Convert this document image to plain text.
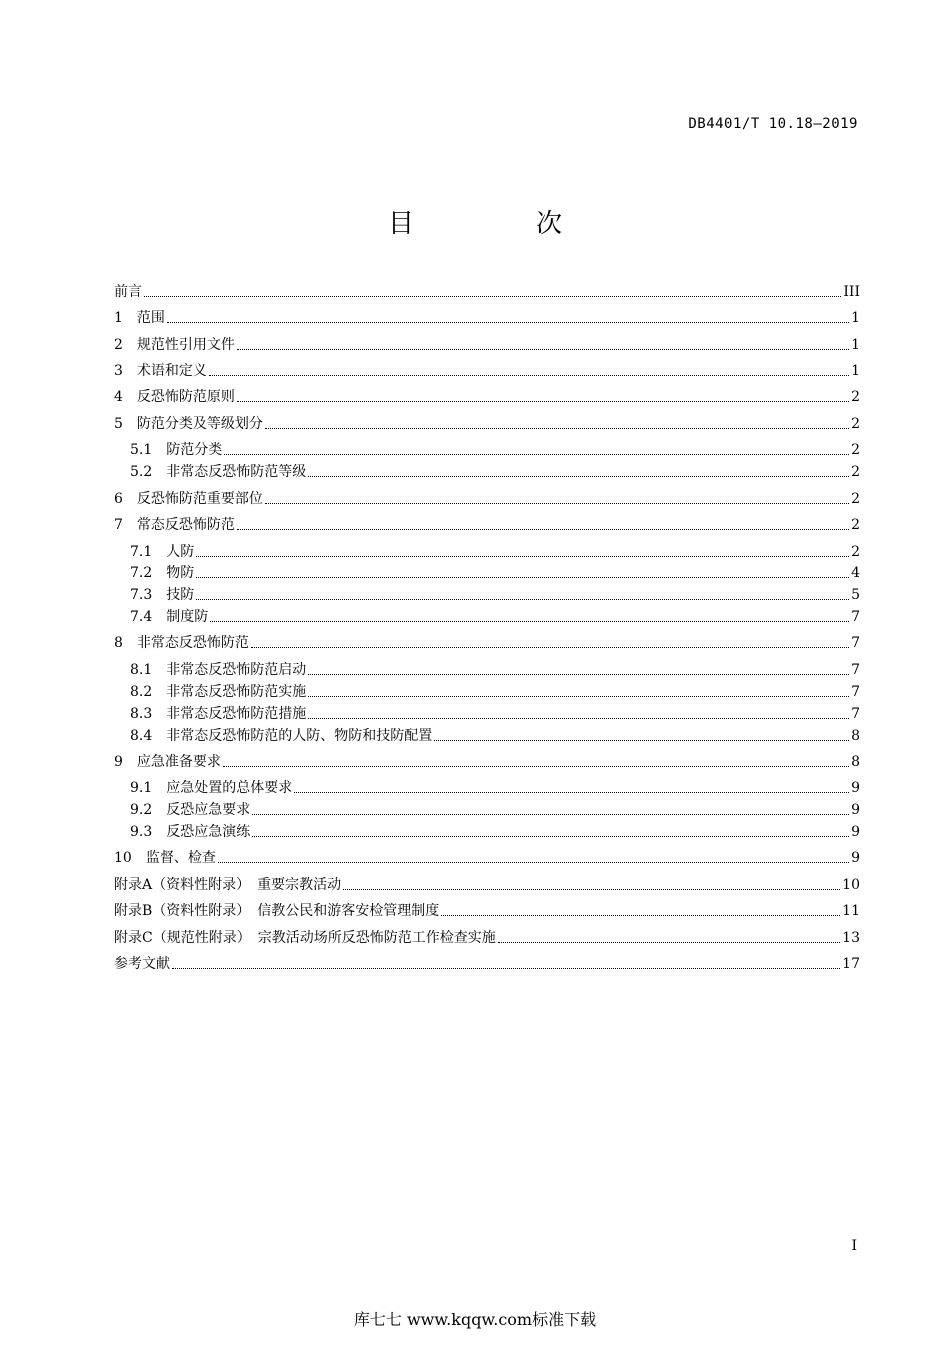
DB4401/T 10.18—2019
目　次
前言	III
1　 范围	1
2　 规范性引用文件	1
3　 术语和定义	1
4　 反恐怖防范原则	2
5　 防范分类及等级划分	2
5.1　 防范分类	2
5.2　 非常态反恐怖防范等级	2
6　 反恐怖防范重要部位	2
7　 常态反恐怖防范	2
7.1　 人防	2
7.2　 物防	4
7.3　 技防	5
7.4　 制度防	7
8　 非常态反恐怖防范	7
8.1　 非常态反恐怖防范启动	7
8.2　 非常态反恐怖防范实施	7
8.3　 非常态反恐怖防范措施	7
8.4　 非常态反恐怖防范的人防、物防和技防配置	8
9　 应急准备要求	8
9.1　 应急处置的总体要求	9
9.2　 反恐应急要求	9
9.3　 反恐应急演练	9
10　 监督、检查	9
附录A（资料性附录）　 重要宗教活动	10
附录B（资料性附录）　 信教公民和游客安检管理制度	11
附录C（规范性附录）　 宗教活动场所反恐怖防范工作检查实施	13
参考文献	17
I
库七七 www.kqqw.com标准下载
